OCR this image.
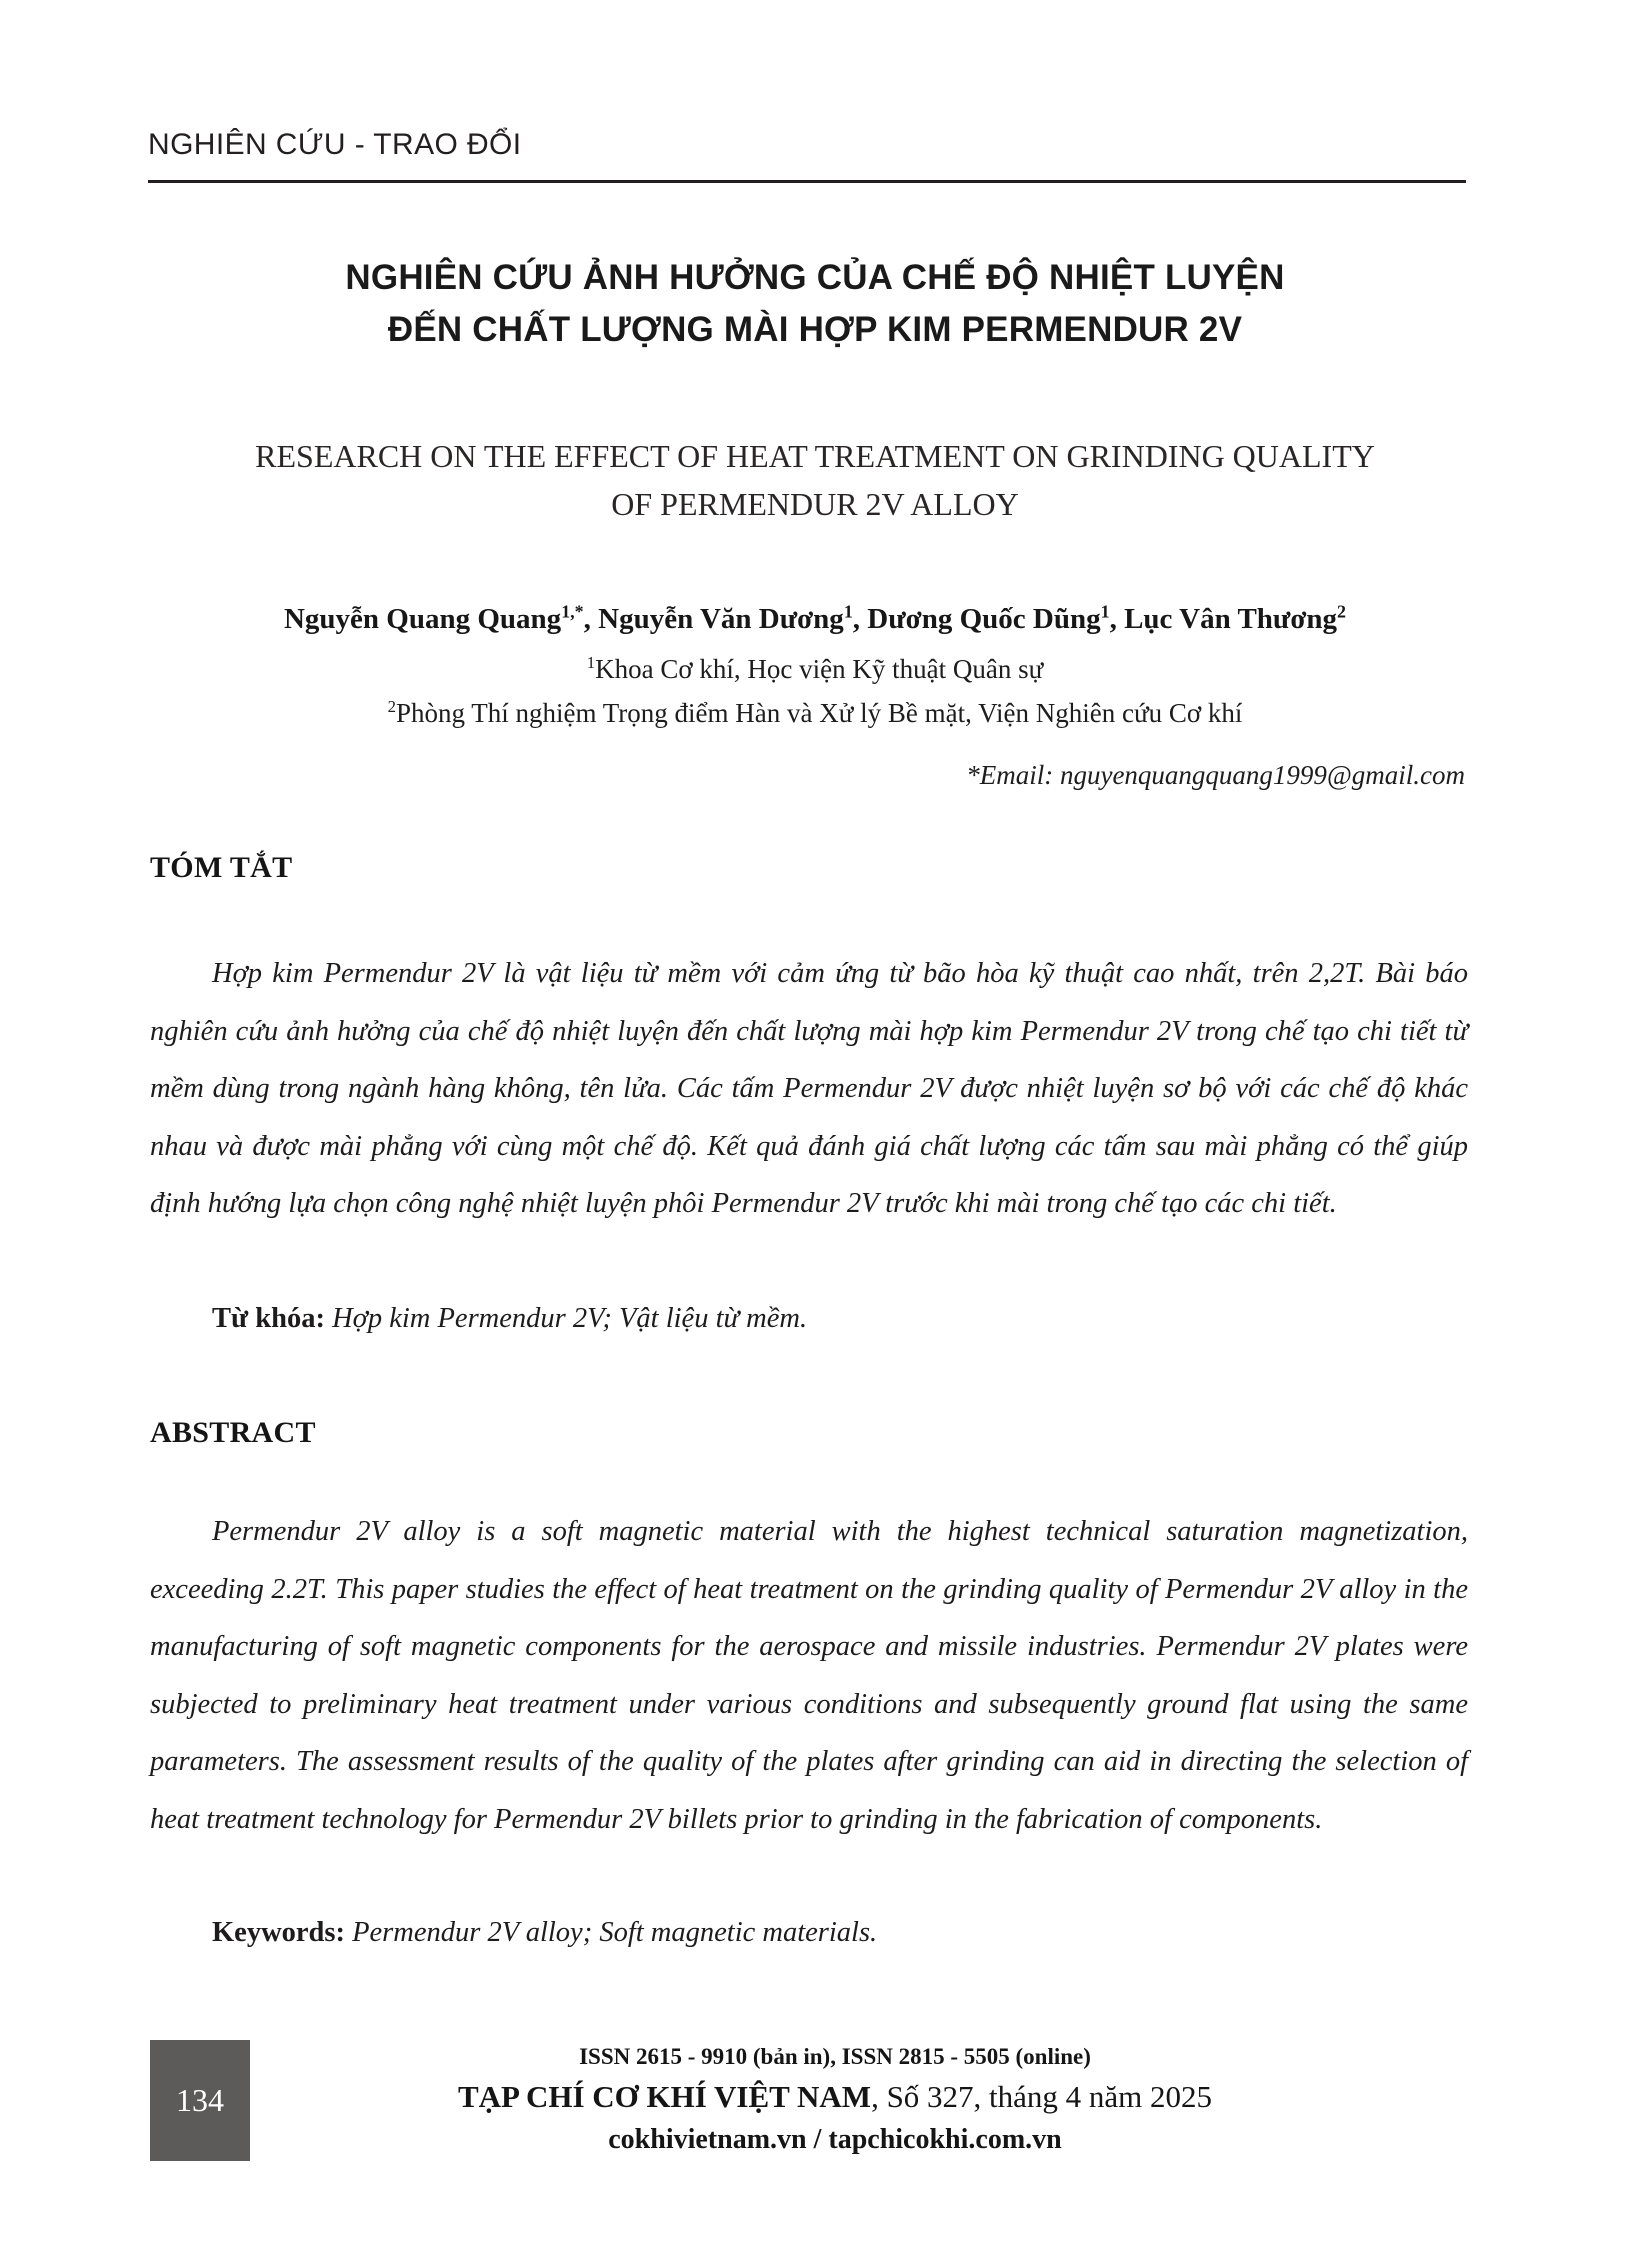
NGHIÊN CỨU - TRAO ĐỔI
NGHIÊN CỨU ẢNH HƯỞNG CỦA CHẾ ĐỘ NHIỆT LUYỆN
ĐẾN CHẤT LƯỢNG MÀI HỢP KIM PERMENDUR 2V
RESEARCH ON THE EFFECT OF HEAT TREATMENT ON GRINDING QUALITY
OF PERMENDUR 2V ALLOY
Nguyễn Quang Quang$^{1,*}$, Nguyễn Văn Dương$^1$, Dương Quốc Dũng$^1$, Lục Vân Thương$^2$
$^1$Khoa Cơ khí, Học viện Kỹ thuật Quân sự
$^2$Phòng Thí nghiệm Trọng điểm Hàn và Xử lý Bề mặt, Viện Nghiên cứu Cơ khí
*Email: nguyenquangquang1999@gmail.com
TÓM TẮT
Hợp kim Permendur 2V là vật liệu từ mềm với cảm ứng từ bão hòa kỹ thuật cao nhất, trên 2,2T. Bài báo nghiên cứu ảnh hưởng của chế độ nhiệt luyện đến chất lượng mài hợp kim Permendur 2V trong chế tạo chi tiết từ mềm dùng trong ngành hàng không, tên lửa. Các tấm Permendur 2V được nhiệt luyện sơ bộ với các chế độ khác nhau và được mài phẳng với cùng một chế độ. Kết quả đánh giá chất lượng các tấm sau mài phẳng có thể giúp định hướng lựa chọn công nghệ nhiệt luyện phôi Permendur 2V trước khi mài trong chế tạo các chi tiết.
Từ khóa: Hợp kim Permendur 2V; Vật liệu từ mềm.
ABSTRACT
Permendur 2V alloy is a soft magnetic material with the highest technical saturation magnetization, exceeding 2.2T. This paper studies the effect of heat treatment on the grinding quality of Permendur 2V alloy in the manufacturing of soft magnetic components for the aerospace and missile industries. Permendur 2V plates were subjected to preliminary heat treatment under various conditions and subsequently ground flat using the same parameters. The assessment results of the quality of the plates after grinding can aid in directing the selection of heat treatment technology for Permendur 2V billets prior to grinding in the fabrication of components.
Keywords: Permendur 2V alloy; Soft magnetic materials.
134
ISSN 2615 - 9910 (bản in), ISSN 2815 - 5505 (online)
TẠP CHÍ CƠ KHÍ VIỆT NAM, Số 327, tháng 4 năm 2025
cokhivietnam.vn / tapchicokhi.com.vn
